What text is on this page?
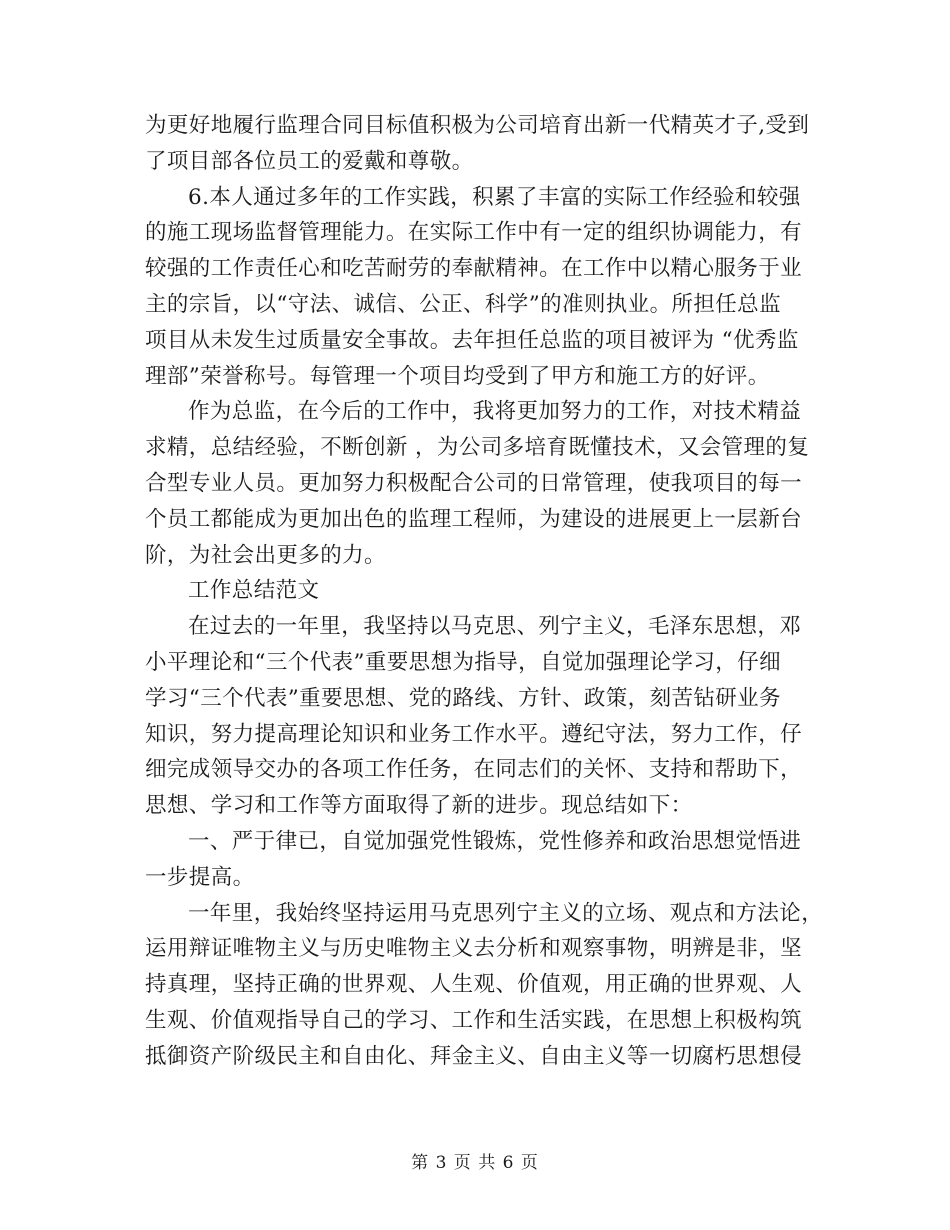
为更好地履行监理合同目标值积极为公司培育出新一代精英才子,受到
了项目部各位员工的爱戴和尊敬。
6.本人通过多年的工作实践，积累了丰富的实际工作经验和较强
的施工现场监督管理能力。在实际工作中有一定的组织协调能力，有
较强的工作责任心和吃苦耐劳的奉献精神。在工作中以精心服务于业
主的宗旨，以“守法、诚信、公正、科学”的准则执业。所担任总监
项目从未发生过质量安全事故。去年担任总监的项目被评为 “优秀监
理部”荣誉称号。每管理一个项目均受到了甲方和施工方的好评。
作为总监，在今后的工作中，我将更加努力的工作，对技术精益
求精，总结经验，不断创新 ，为公司多培育既懂技术，又会管理的复
合型专业人员。更加努力积极配合公司的日常管理，使我项目的每一
个员工都能成为更加出色的监理工程师，为建设的进展更上一层新台
阶，为社会出更多的力。
工作总结范文
在过去的一年里，我坚持以马克思、列宁主义，毛泽东思想，邓
小平理论和“三个代表”重要思想为指导，自觉加强理论学习，仔细
学习“三个代表”重要思想、党的路线、方针、政策，刻苦钻研业务
知识，努力提高理论知识和业务工作水平。遵纪守法，努力工作，仔
细完成领导交办的各项工作任务，在同志们的关怀、支持和帮助下，
思想、学习和工作等方面取得了新的进步。现总结如下：
一、严于律已，自觉加强党性锻炼，党性修养和政治思想觉悟进
一步提高。
一年里，我始终坚持运用马克思列宁主义的立场、观点和方法论，
运用辩证唯物主义与历史唯物主义去分析和观察事物，明辨是非，坚
持真理，坚持正确的世界观、人生观、价值观，用正确的世界观、人
生观、价值观指导自己的学习、工作和生活实践，在思想上积极构筑
抵御资产阶级民主和自由化、拜金主义、自由主义等一切腐朽思想侵
第 3 页 共 6 页
